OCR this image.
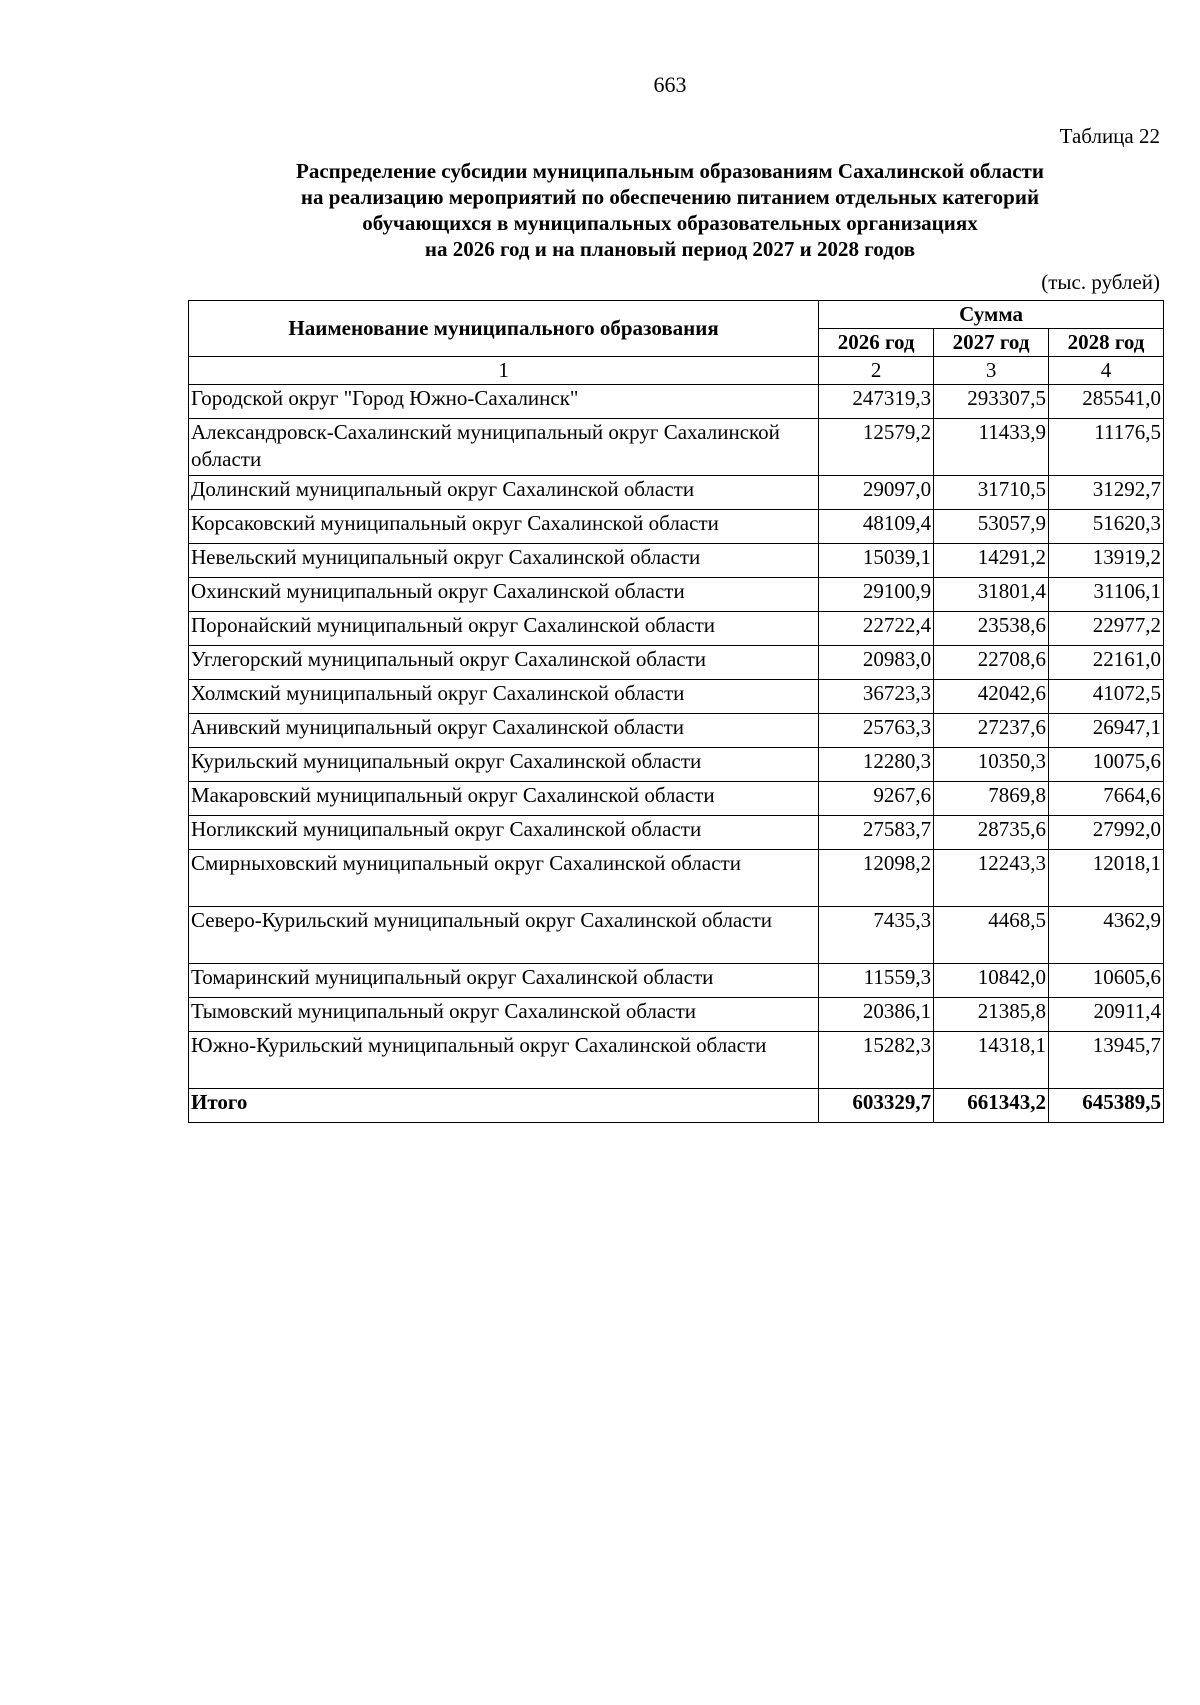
663
Таблица 22
Распределение субсидии муниципальным образованиям Сахалинской области
на реализацию мероприятий по обеспечению питанием отдельных категорий
обучающихся в муниципальных образовательных организациях
на 2026 год и на плановый период 2027 и 2028 годов
(тыс. рублей)
Наименование муниципального образования	Сумма		
	2026 год	2027 год	2028 год
1	2	3	4
Городской округ "Город Южно-Сахалинск"	247319,3	293307,5	285541,0
Александровск-Сахалинский муниципальный округ Сахалинской области	12579,2	11433,9	11176,5
Долинский муниципальный округ Сахалинской области	29097,0	31710,5	31292,7
Корсаковский муниципальный округ Сахалинской области	48109,4	53057,9	51620,3
Невельский муниципальный округ Сахалинской области	15039,1	14291,2	13919,2
Охинский муниципальный округ Сахалинской области	29100,9	31801,4	31106,1
Поронайский муниципальный округ Сахалинской области	22722,4	23538,6	22977,2
Углегорский муниципальный округ Сахалинской области	20983,0	22708,6	22161,0
Холмский муниципальный округ Сахалинской области	36723,3	42042,6	41072,5
Анивский муниципальный округ Сахалинской области	25763,3	27237,6	26947,1
Курильский муниципальный округ Сахалинской области	12280,3	10350,3	10075,6
Макаровский муниципальный округ Сахалинской области	9267,6	7869,8	7664,6
Ногликский муниципальный округ Сахалинской области	27583,7	28735,6	27992,0
Смирныховский муниципальный округ Сахалинской области	12098,2	12243,3	12018,1
Северо-Курильский муниципальный округ Сахалинской области	7435,3	4468,5	4362,9
Томаринский муниципальный округ Сахалинской области	11559,3	10842,0	10605,6
Тымовский муниципальный округ Сахалинской области	20386,1	21385,8	20911,4
Южно-Курильский муниципальный округ Сахалинской области	15282,3	14318,1	13945,7
Итого	603329,7	661343,2	645389,5
